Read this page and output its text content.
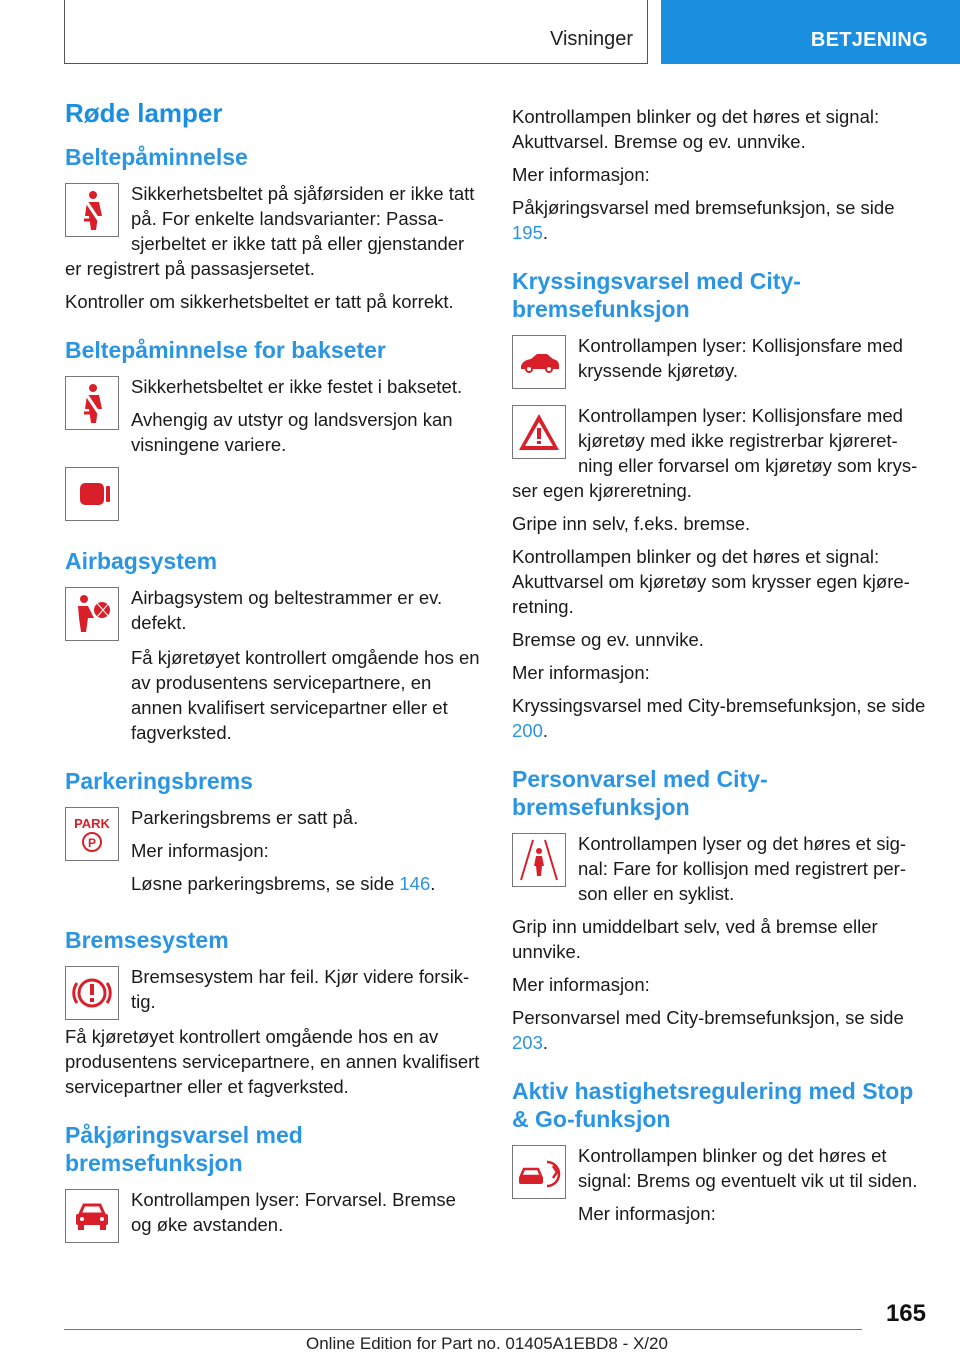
Visninger	BETJENING
Røde lamper
Beltepåminnelse

Sikkerhetsbeltet på sjåførsiden er ikke tatt på. For enkelte landsvarianter: Passa‐sjerbeltet er ikke tatt på eller gjenstander er registrert på passasjersetet.

Kontroller om sikkerhetsbeltet er tatt på korrekt.

Beltepåminnelse for bakseter

Sikkerhetsbeltet er ikke festet i baksetet.

Avhengig av utstyr og landsversjon kan visningene variere.

Airbagsystem

Airbagsystem og beltestrammer er ev. defekt.

Få kjøretøyet kontrollert omgående hos en av produsentens servicepartnere, en annen kvalifisert servicepartner eller et fagverksted.

Parkeringsbrems
PARK
P

Parkeringsbrems er satt på.

Mer informasjon:

Løsne parkeringsbrems, se side 146.

Bremsesystem

Bremsesystem har feil. Kjør videre forsik‐tig.

Få kjøretøyet kontrollert omgående hos en av produsentens servicepartnere, en annen kvalifisert servicepartner eller et fagverksted.

Påkjøringsvarsel med bremsefunksjon

Kontrollampen lyser: Forvarsel. Bremse og øke avstanden.

Kontrollampen blinker og det høres et signal: Akuttvarsel. Bremse og ev. unnvike.

Mer informasjon:

Påkjøringsvarsel med bremsefunksjon, se side 195.

Kryssingsvarsel med City-bremsefunksjon

Kontrollampen lyser: Kollisjonsfare med kryssende kjøretøy.

Kontrollampen lyser: Kollisjonsfare med kjøretøy med ikke registrerbar kjøreret‐ning eller forvarsel om kjøretøy som krys‐ser egen kjøreretning.

Gripe inn selv, f.eks. bremse.

Kontrollampen blinker og det høres et signal: Akuttvarsel om kjøretøy som krysser egen kjøre‐retning.

Bremse og ev. unnvike.

Mer informasjon:

Kryssingsvarsel med City-bremsefunksjon, se side 200.

Personvarsel med City-bremsefunksjon

Kontrollampen lyser og det høres et sig‐nal: Fare for kollisjon med registrert per‐son eller en syklist.

Grip inn umiddelbart selv, ved å bremse eller unnvike.

Mer informasjon:

Personvarsel med City-bremsefunksjon, se side 203.

Aktiv hastighetsregulering med Stop & Go-funksjon

Kontrollampen blinker og det høres et signal: Brems og eventuelt vik ut til siden.

Mer informasjon:

165
Online Edition for Part no. 01405A1EBD8 - X/20
